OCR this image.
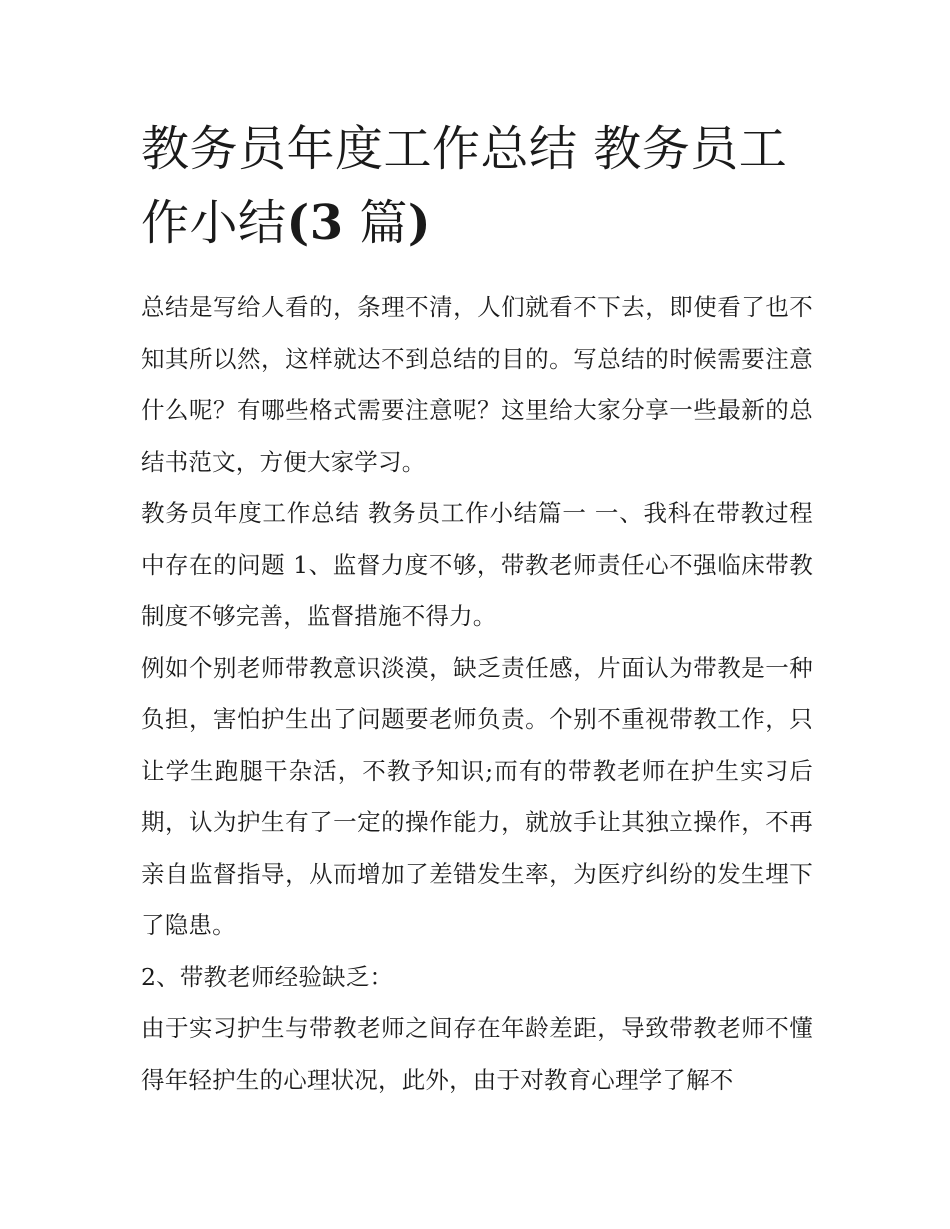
教务员年度工作总结 教务员工
作小结(3 篇)

总结是写给人看的，条理不清，人们就看不下去，即使看了也不知其所以然，这样就达不到总结的目的。写总结的时候需要注意什么呢？有哪些格式需要注意呢？这里给大家分享一些最新的总结书范文，方便大家学习。

教务员年度工作总结 教务员工作小结篇一 一、我科在带教过程中存在的问题 1、监督力度不够，带教老师责任心不强临床带教制度不够完善，监督措施不得力。

例如个别老师带教意识淡漠，缺乏责任感，片面认为带教是一种负担，害怕护生出了问题要老师负责。个别不重视带教工作，只让学生跑腿干杂活，不教予知识;而有的带教老师在护生实习后期，认为护生有了一定的操作能力，就放手让其独立操作，不再亲自监督指导，从而增加了差错发生率，为医疗纠纷的发生埋下了隐患。

2、带教老师经验缺乏：

由于实习护生与带教老师之间存在年龄差距，导致带教老师不懂得年轻护生的心理状况，此外，由于对教育心理学了解不
